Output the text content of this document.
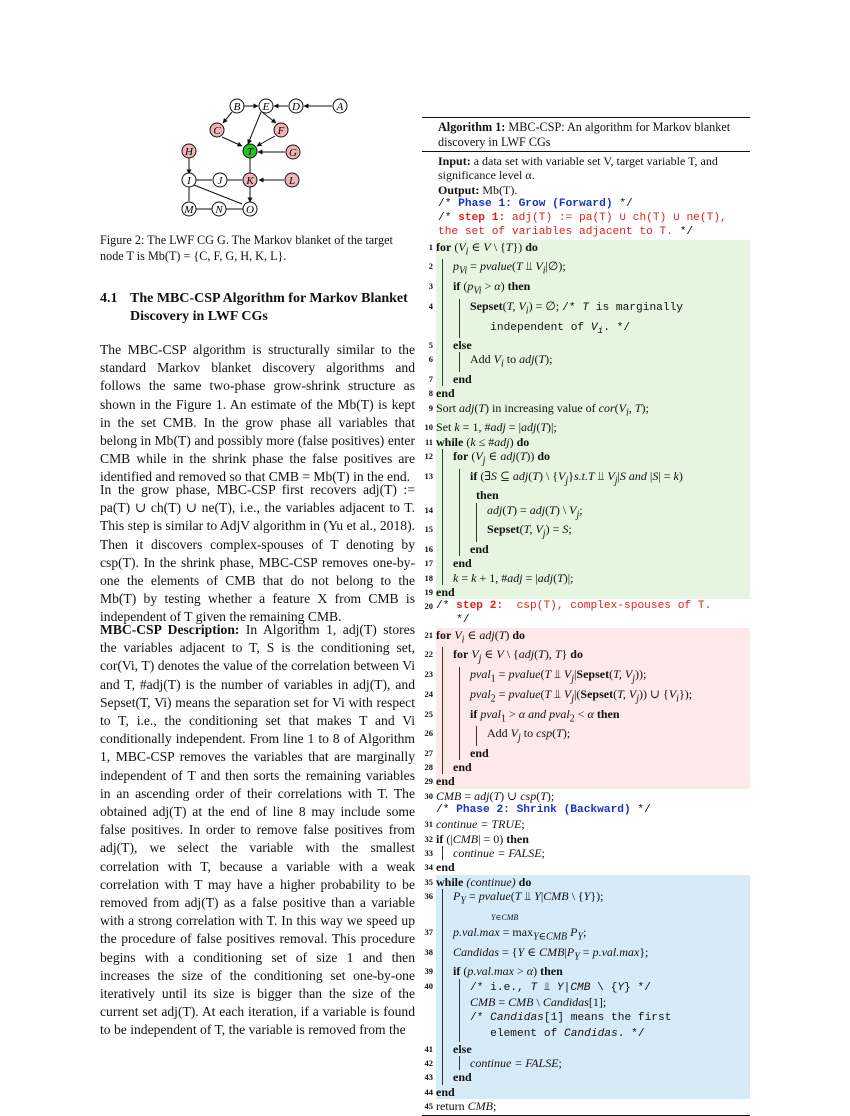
B E D	A
C	F
T	G
H
I J K	L
M N O
Figure 2: The LWF CG G. The Markov blanket of the target node T is Mb(T) = {C, F, G, H, K, L}.
4.1 The MBC-CSP Algorithm for Markov Blanket
Discovery in LWF CGs
The MBC-CSP algorithm is structurally similar to the standard Markov blanket discovery algorithms and follows the same two-phase grow-shrink structure as shown in the Figure 1. An estimate of the Mb(T) is kept in the set CMB. In the grow phase all variables that belong in Mb(T) and possibly more (false positives) enter CMB while in the shrink phase the false positives are identified and removed so that CMB = Mb(T) in the end.
In the grow phase, MBC-CSP first recovers adj(T) := pa(T) ∪ ch(T) ∪ ne(T), i.e., the variables adjacent to T. This step is similar to AdjV algorithm in (Yu et al., 2018). Then it discovers complex-spouses of T denoting by csp(T). In the shrink phase, MBC-CSP removes one-by-one the elements of CMB that do not belong to the Mb(T) by testing whether a feature X from CMB is independent of T given the remaining CMB.
MBC-CSP Description: In Algorithm 1, adj(T) stores the variables adjacent to T, S is the conditioning set, cor(Vi, T) denotes the value of the correlation between Vi and T, #adj(T) is the number of variables in adj(T), and Sepset(T, Vi) means the separation set for Vi with respect to T, i.e., the conditioning set that makes T and Vi conditionally independent. From line 1 to 8 of Algorithm 1, MBC-CSP removes the variables that are marginally independent of T and then sorts the remaining variables in an ascending order of their correlations with T. The obtained adj(T) at the end of line 8 may include some false positives. In order to remove false positives from adj(T), we select the variable with the smallest correlation with T, because a variable with a weak correlation with T may have a higher probability to be removed from adj(T) as a false positive than a variable with a strong correlation with T. In this way we speed up the procedure of false positives removal. This procedure begins with a conditioning set of size 1 and then increases the size of the conditioning set one-by-one iteratively until its size is bigger than the size of the current set adj(T). At each iteration, if a variable is found to be independent of T, the variable is removed from the
Algorithm 1: MBC-CSP: An algorithm for Markov blanket discovery in LWF CGs
Input: a data set with variable set V, target variable T, and significance level α.
Output: Mb(T).
/* Phase 1: Grow (Forward) */
/* step 1: adj(T) := pa(T) ∪ ch(T) ∪ ne(T), the set of variables adjacent to T. */
1 for ($V_i$ ∈ V \ {T}) do
2	$p_{Vi}$ = pvalue(T ⫫ $V_i|\emptyset$);
3	if $(p_{Vi} > \alpha)$ then
4	Sepset(T, $V_i$) = ∅; /* T is marginally
independent of $V_i$. */
5	else
6	Add $V_i$ to adj(T);
7	end
8 end
9 Sort adj(T) in increasing value of $cor(V_i$, T);
10 Set k = 1, #adj = |adj(T)|;
11 while (k ≤ #adj) do
12	for ($V_j$ ∈ adj(T)) do
13	if (∃S ⊆ adj(T) \ $\{V_j\}s.t.T$ ⫫ $V_j|S$ and |S| = k)
then
14	adj(T) = adj(T) \ $V_j$;
15	Sepset(T, $V_j) = S$;
16	end
17	end
18	k = k + 1, #adj = |adj(T)|;
19 end
20 /* step 2: csp(T), complex-spouses of T.
*/
21 for $V_i$ ∈ adj(T) do
22	for $V_j$ ∈ V \ {adj(T), T} do
23	pval$_1$ = pvalue(T ⫫ $V_j|Sepset(T$, $V_j$));
24	pval$_2$ = pvalue(T ⫫ $V_j|(Sepset(T$, $V_j$)) ∪ $\{V_i\}$);
25	if pval$_1$ > α and pval$_2$ < α then
26	Add $V_j$ to csp(T);
27	end
28	end
29 end
30 CMB = adj(T) ∪ csp(T);
/* Phase 2: Shrink (Backward) */
31 continue = TRUE;
32 if (|CMB| = 0) then
33	continue = FALSE;
34 end
35 while (continue) do
36	$P_Y$ = pvalue(T ⫫ Y|CMB \ {Y});
Y∈CMB
37	$p.val.\max = \max_{Y\in CMB} P_Y$;
38	Candidas = {Y ∈ $CMB|P_Y = p.val.\max$};
39	if (p.val.max > α) then
40	/* i.e., T ⫫ Y|CMB \ {Y} */
CMB = CMB \ Candidas[1];
/* Candidas[1] means the first
element of Candidas. */
41	else
42	continue = FALSE;
43	end
44 end
45 return CMB;
